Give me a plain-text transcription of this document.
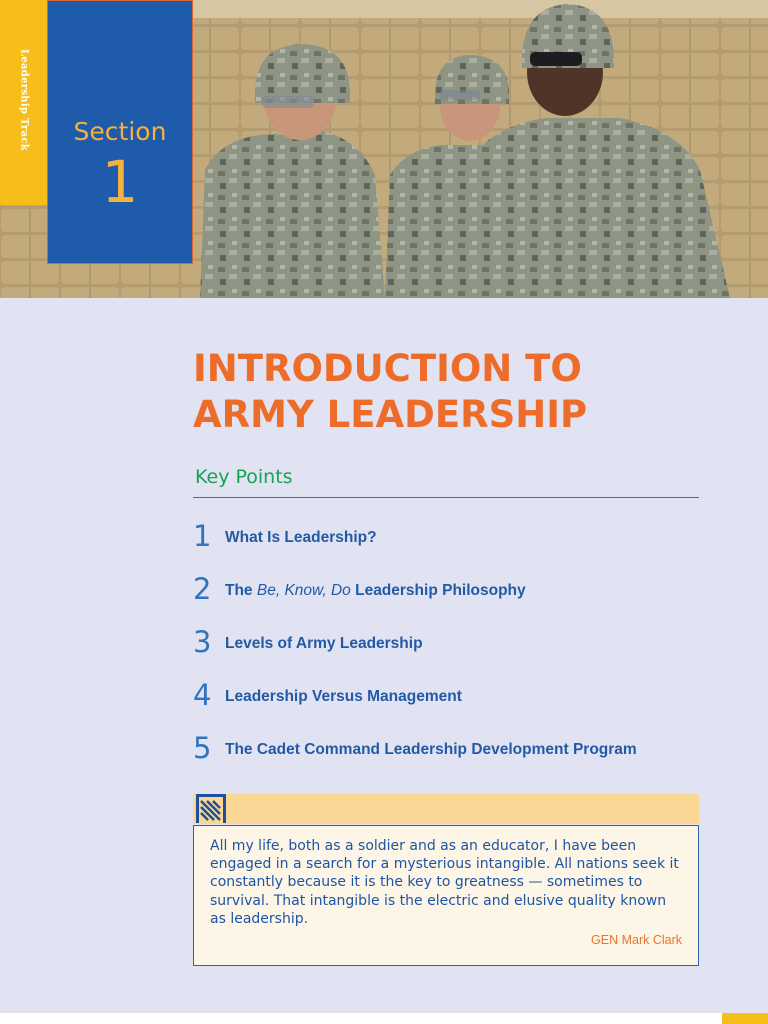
Leadership Track	Section
1
INTRODUCTION TO
ARMY LEADERSHIP
Key Points
1 What Is Leadership?
2 The Be, Know, Do Leadership Philosophy
3 Levels of Army Leadership
4 Leadership Versus Management
5 The Cadet Command Leadership Development Program

All my life, both as a soldier and as an educator, I have been engaged in a search for a mysterious intangible. All nations seek it constantly because it is the key to greatness — sometimes to survival. That intangible is the electric and elusive quality known as leadership.

GEN Mark Clark
